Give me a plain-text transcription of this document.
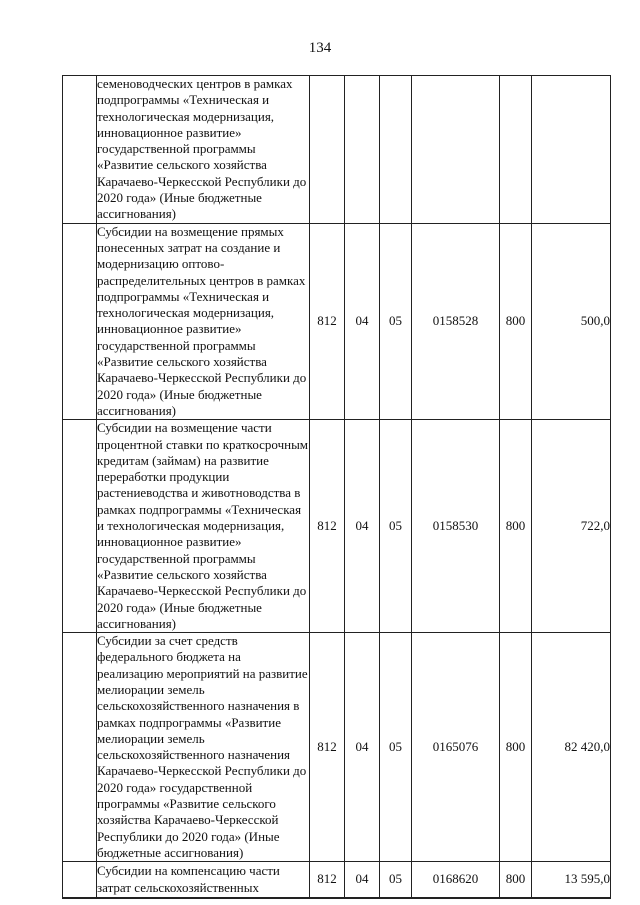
134
	семеноводческих центров в рамках подпрограммы «Техническая и технологическая модернизация, инновационное развитие» государственной программы «Развитие сельского хозяйства Карачаево-Черкесской Республики до 2020 года» (Иные бюджетные ассигнования)						
	Субсидии на возмещение прямых понесенных затрат на создание и модернизацию оптово-распределительных центров в рамках подпрограммы «Техническая и технологическая модернизация, инновационное развитие» государственной программы «Развитие сельского хозяйства Карачаево-Черкесской Республики до 2020 года» (Иные бюджетные ассигнования)	812	04	05	0158528	800	500,0
	Субсидии на возмещение части процентной ставки по краткосрочным кредитам (займам) на развитие переработки продукции растениеводства и животноводства в рамках подпрограммы «Техническая и технологическая модернизация, инновационное развитие» государственной программы «Развитие сельского хозяйства Карачаево-Черкесской Республики до 2020 года» (Иные бюджетные ассигнования)	812	04	05	0158530	800	722,0
	Субсидии за счет средств федерального бюджета на реализацию мероприятий на развитие мелиорации земель сельскохозяйственного назначения в рамках подпрограммы «Развитие мелиорации земель сельскохозяйственного назначения Карачаево-Черкесской Республики до 2020 года» государственной программы «Развитие сельского хозяйства Карачаево-Черкесской Республики до 2020 года» (Иные бюджетные ассигнования)	812	04	05	0165076	800	82 420,0
	Субсидии на компенсацию части затрат сельскохозяйственных	812	04	05	0168620	800	13 595,0
